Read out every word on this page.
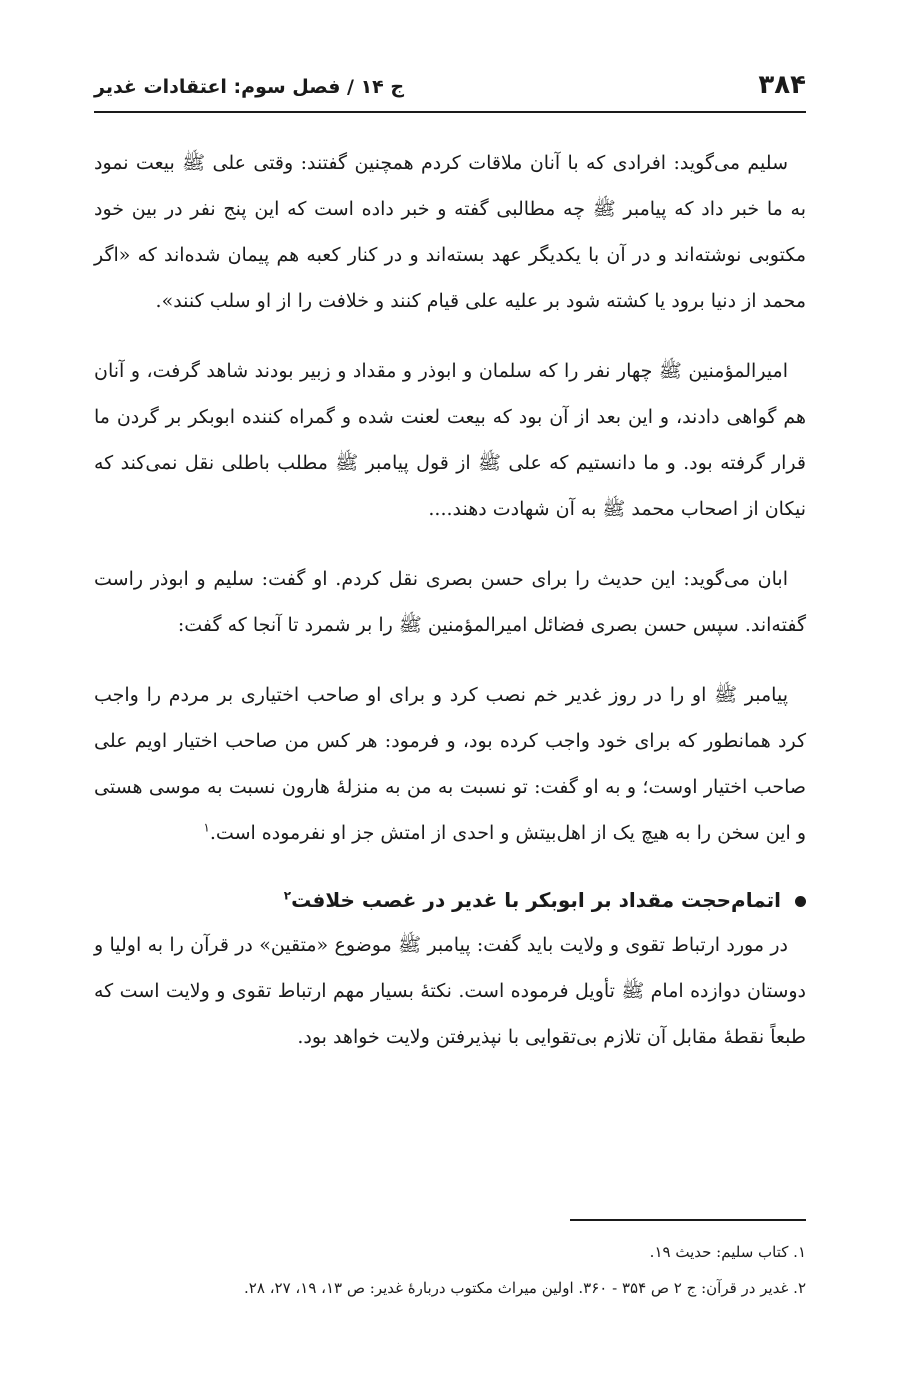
۳۸۴
ج ۱۴ / فصل سوم: اعتقادات غدیر

سلیم می‌گوید: افرادی که با آنان ملاقات کردم همچنین گفتند: وقتی علی ﷺ بیعت نمود به ما خبر داد که پیامبر ﷺ چه مطالبی گفته و خبر داده است که این پنج نفر در بین خود مکتوبی نوشته‌اند و در آن با یکدیگر عهد بسته‌اند و در کنار کعبه هم پیمان شده‌اند که «اگر محمد از دنیا برود یا کشته شود بر علیه علی قیام کنند و خلافت را از او سلب کنند».

امیرالمؤمنین ﷺ چهار نفر را که سلمان و ابوذر و مقداد و زبیر بودند شاهد گرفت، و آنان هم گواهی دادند، و این بعد از آن بود که بیعت لعنت شده و گمراه کننده ابوبکر بر گردن ما قرار گرفته بود. و ما دانستیم که علی ﷺ از قول پیامبر ﷺ مطلب باطلی نقل نمی‌کند که نیکان از اصحاب محمد ﷺ به آن شهادت دهند....

ابان می‌گوید: این حدیث را برای حسن بصری نقل کردم. او گفت: سلیم و ابوذر راست گفته‌اند. سپس حسن بصری فضائل امیرالمؤمنین ﷺ را بر شمرد تا آنجا که گفت:

پیامبر ﷺ او را در روز غدیر خم نصب کرد و برای او صاحب اختیاری بر مردم را واجب کرد همانطور که برای خود واجب کرده بود، و فرمود: هر کس من صاحب اختیار اویم علی صاحب اختیار اوست؛ و به او گفت: تو نسبت به من به منزلهٔ هارون نسبت به موسی هستی و این سخن را به هیچ یک از اهل‌بیتش و احدی از امتش جز او نفرموده است.$^۱$

اتمام‌حجت مقداد بر ابوبکر با غدیر در غصب خلافت$^۲$

در مورد ارتباط تقوی و ولایت باید گفت: پیامبر ﷺ موضوع «متقین» در قرآن را به اولیا و دوستان دوازده امام ﷺ تأویل فرموده است. نکتهٔ بسیار مهم ارتباط تقوی و ولایت است که طبعاً نقطهٔ مقابل آن تلازم بی‌تقوایی با نپذیرفتن ولایت خواهد بود.

۱. کتاب سلیم: حدیث ۱۹.

۲. غدیر در قرآن: ج ۲ ص ۳۵۴ - ۳۶۰. اولین میراث مکتوب دربارهٔ غدیر: ص ۱۳، ۱۹، ۲۷، ۲۸.
